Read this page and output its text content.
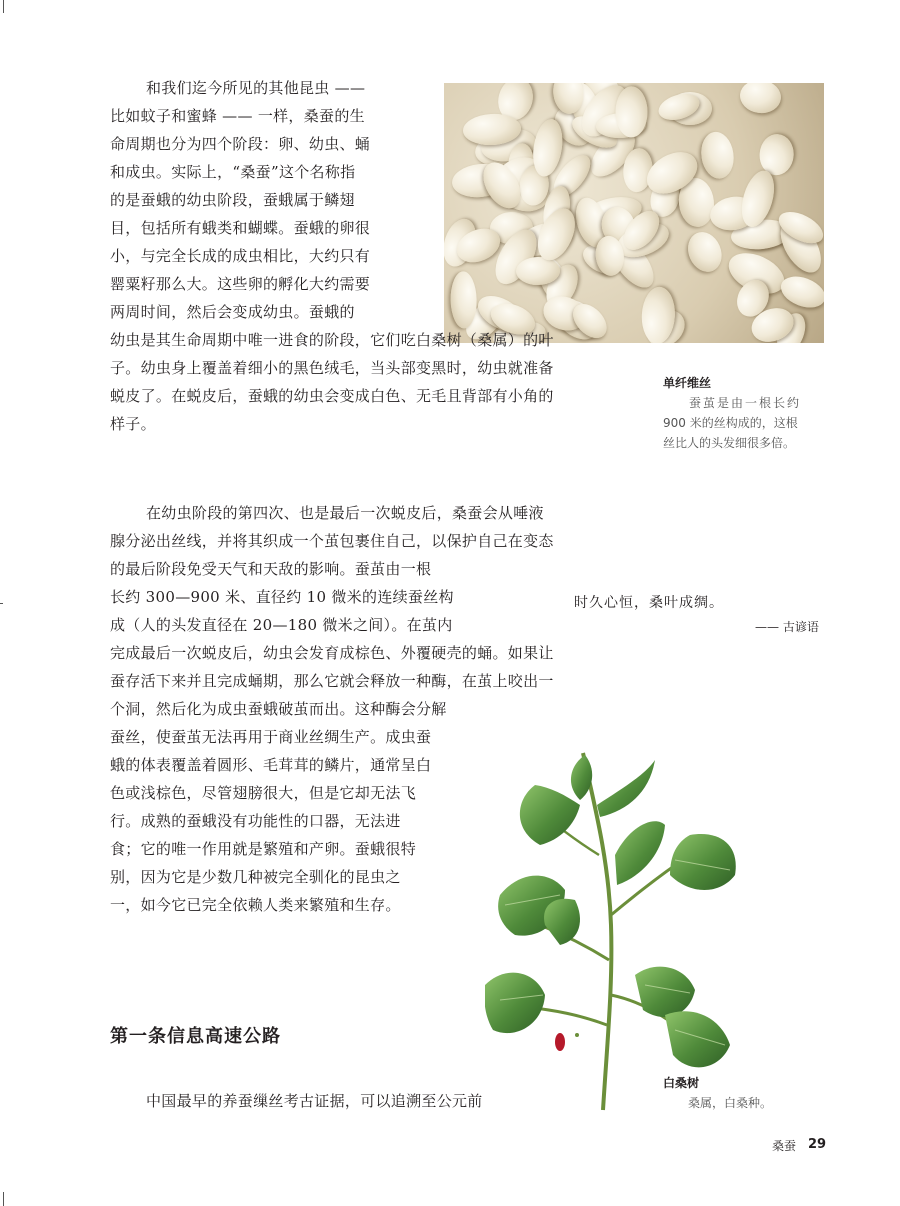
和我们迄今所见的其他昆虫 ——

比如蚊子和蜜蜂 —— 一样，桑蚕的生

命周期也分为四个阶段：卵、幼虫、蛹

和成虫。实际上，“桑蚕”这个名称指

的是蚕蛾的幼虫阶段，蚕蛾属于鳞翅

目，包括所有蛾类和蝴蝶。蚕蛾的卵很

小，与完全长成的成虫相比，大约只有

罂粟籽那么大。这些卵的孵化大约需要

两周时间，然后会变成幼虫。蚕蛾的

幼虫是其生命周期中唯一进食的阶段，它们吃白桑树（桑属）的叶

子。幼虫身上覆盖着细小的黑色绒毛，当头部变黑时，幼虫就准备

蜕皮了。在蜕皮后，蚕蛾的幼虫会变成白色、无毛且背部有小角的

样子。

单纤维丝
蚕茧是由一根长约
900 米的丝构成的，这根
丝比人的头发细很多倍。

在幼虫阶段的第四次、也是最后一次蜕皮后，桑蚕会从唾液

腺分泌出丝线，并将其织成一个茧包裹住自己，以保护自己在变态

的最后阶段免受天气和天敌的影响。蚕茧由一根

长约 300—900 米、直径约 10 微米的连续蚕丝构

成（人的头发直径在 20—180 微米之间）。在茧内

完成最后一次蜕皮后，幼虫会发育成棕色、外覆硬壳的蛹。如果让

蚕存活下来并且完成蛹期，那么它就会释放一种酶，在茧上咬出一

个洞，然后化为成虫蚕蛾破茧而出。这种酶会分解

蚕丝，使蚕茧无法再用于商业丝绸生产。成虫蚕

蛾的体表覆盖着圆形、毛茸茸的鳞片，通常呈白

色或浅棕色，尽管翅膀很大，但是它却无法飞

行。成熟的蚕蛾没有功能性的口器，无法进

食；它的唯一作用就是繁殖和产卵。蚕蛾很特

别，因为它是少数几种被完全驯化的昆虫之

一，如今它已完全依赖人类来繁殖和生存。

时久心恒，桑叶成绸。
—— 古谚语
白桑树
桑属，白桑种。
第一条信息高速公路
中国最早的养蚕缫丝考古证据，可以追溯至公元前
桑蚕 29
